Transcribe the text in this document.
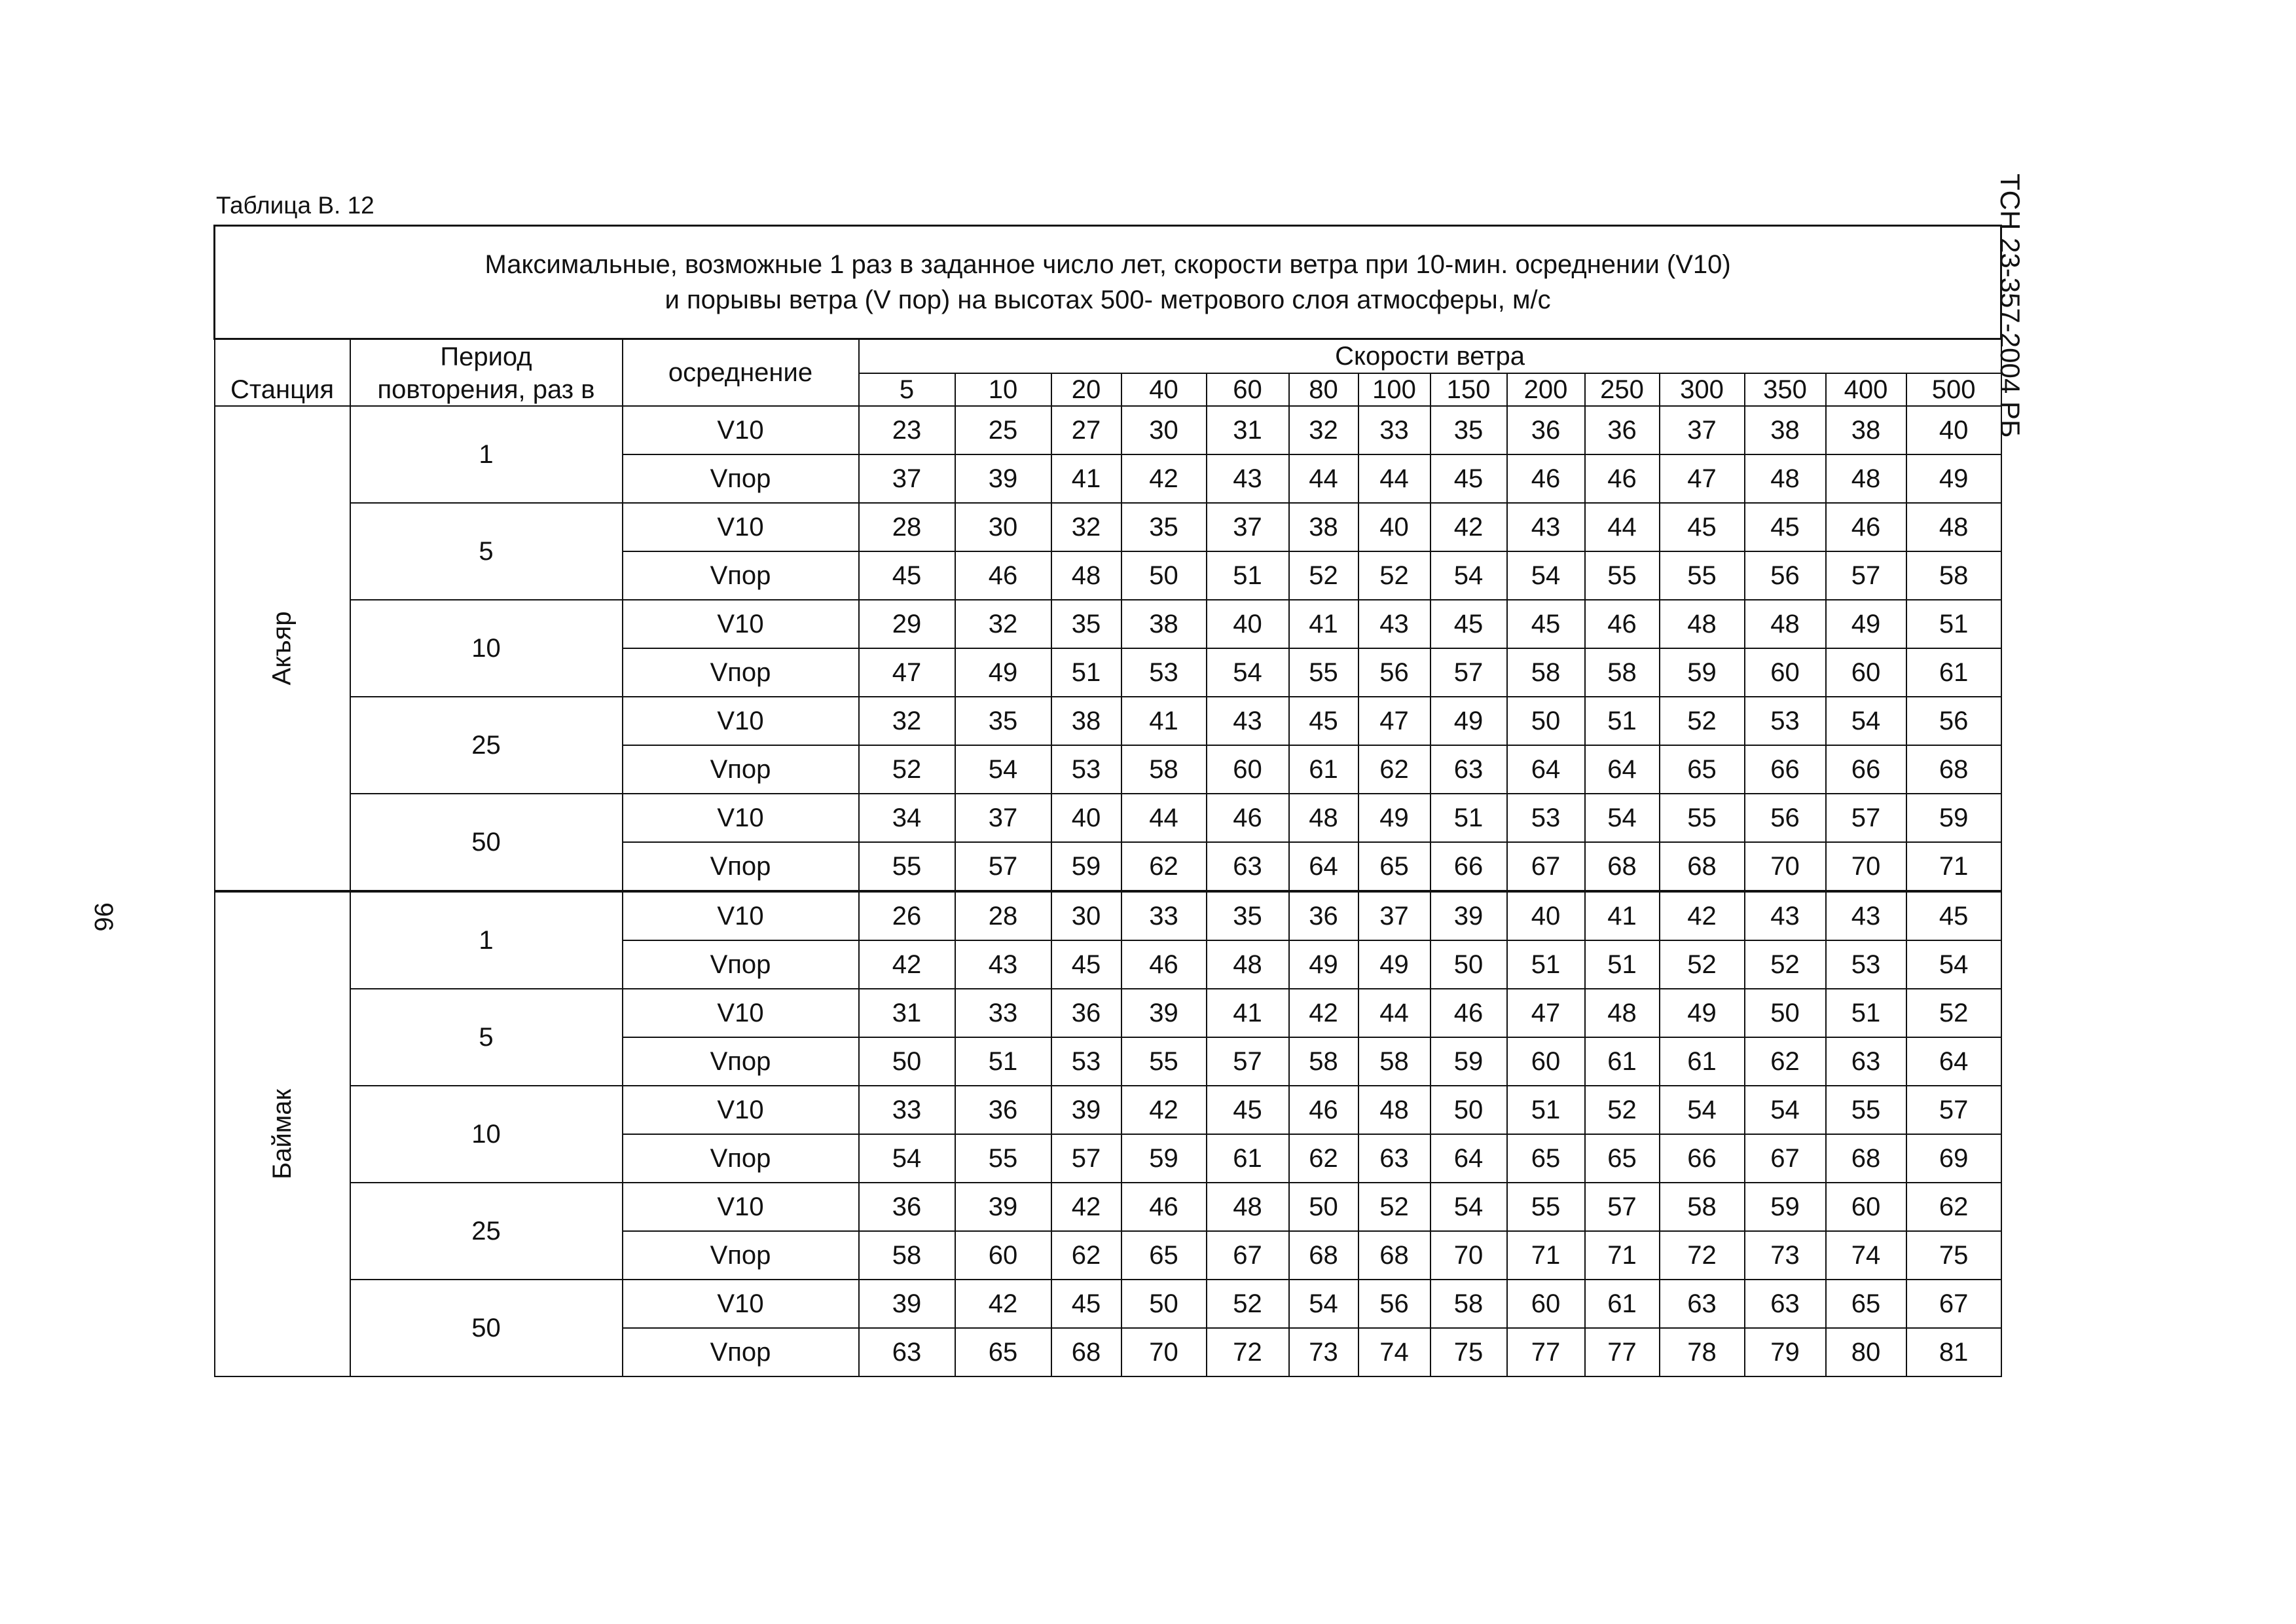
Таблица В. 12	ТСН 23-357-2004 РБ
96
Максимальные, возможные 1 раз в заданное число лет, скорости ветра при 10-мин. осреднении (V10)
и порывы ветра (V пор) на высотах 500- метрового слоя атмосферы, м/с																

	Период	осреднение	Скорости ветра													
Станция	повторения, раз в		5	10	20	40	60	80	100	150	200	250	300	350	400	500
Акъяр	1	V10	23	25	27	30	31	32	33	35	36	36	37	38	38	40
		Vпор	37	39	41	42	43	44	44	45	46	46	47	48	48	49
	5	V10	28	30	32	35	37	38	40	42	43	44	45	45	46	48
		Vпор	45	46	48	50	51	52	52	54	54	55	55	56	57	58
	10	V10	29	32	35	38	40	41	43	45	45	46	48	48	49	51
		Vпор	47	49	51	53	54	55	56	57	58	58	59	60	60	61
	25	V10	32	35	38	41	43	45	47	49	50	51	52	53	54	56
		Vпор	52	54	53	58	60	61	62	63	64	64	65	66	66	68
	50	V10	34	37	40	44	46	48	49	51	53	54	55	56	57	59
		Vпор	55	57	59	62	63	64	65	66	67	68	68	70	70	71
Баймак	1	V10	26	28	30	33	35	36	37	39	40	41	42	43	43	45
		Vпор	42	43	45	46	48	49	49	50	51	51	52	52	53	54
	5	V10	31	33	36	39	41	42	44	46	47	48	49	50	51	52
		Vпор	50	51	53	55	57	58	58	59	60	61	61	62	63	64
	10	V10	33	36	39	42	45	46	48	50	51	52	54	54	55	57
		Vпор	54	55	57	59	61	62	63	64	65	65	66	67	68	69
	25	V10	36	39	42	46	48	50	52	54	55	57	58	59	60	62
		Vпор	58	60	62	65	67	68	68	70	71	71	72	73	74	75
	50	V10	39	42	45	50	52	54	56	58	60	61	63	63	65	67
		Vпор	63	65	68	70	72	73	74	75	77	77	78	79	80	81
